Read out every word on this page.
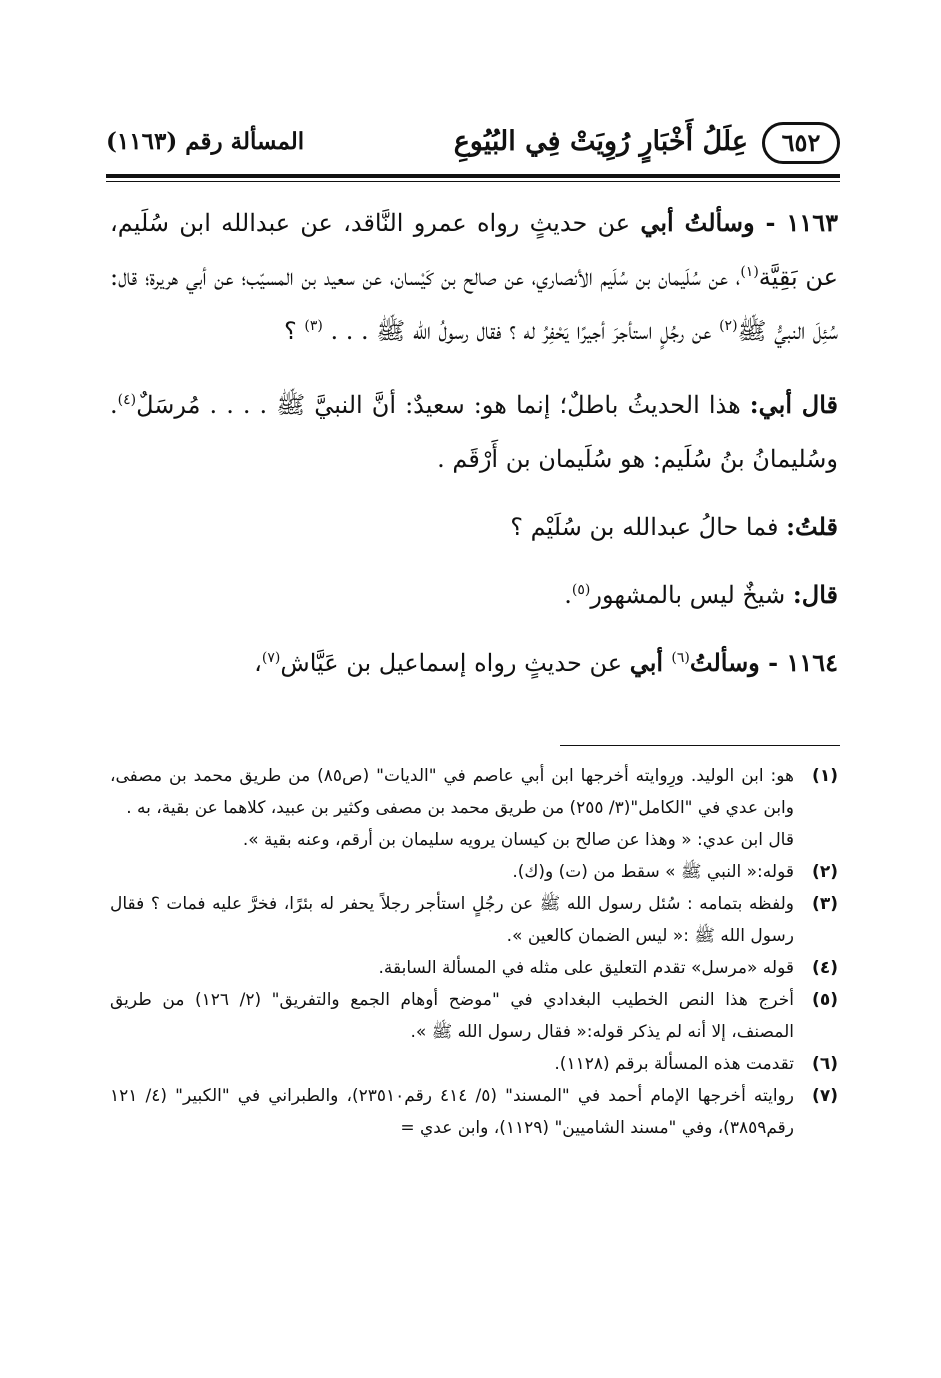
٦٥٢
عِلَلُ أَخْبَارٍ رُوِيَتْ فِي البُيُوعِ
المسألة رقم (١١٦٣)

١١٦٣ - وسألتُ أبي عن حديثٍ رواه عمرو النَّاقد، عن عبدالله ابن سُلَيم، عن بَقِيَّة$^{(١)}$، عن سُلَيمان بن سُلَيم الأنصاري، عن صالح بن كَيْسان، عن سعيد بن المسيّب؛ عن أبي هريرة؛ قال: سُئِلَ النبيُّ ﷺ$^{(٢)}$ عن رجُلٍ استأجرَ أجيرًا يَحْفِرُ له ؟ فقال رسولُ الله ﷺ . . . $^{(٣)}$ ؟

قال أبي: هذا الحديثُ باطلٌ؛ إنما هو: سعيدٌ: أنَّ النبيَّ ﷺ . . . . مُرسَلٌ$^{(٤)}$. وسُليمانُ بنُ سُلَيم: هو سُلَيمان بن أَرْقَم .

قلتُ: فما حالُ عبدالله بن سُلَيْم ؟

قال: شيخٌ ليس بالمشهور$^{(٥)}$.

١١٦٤ - وسألتُ$^{(٦)}$ أبي عن حديثٍ رواه إسماعيل بن عَيَّاش$^{(٧)}$،

(١)
هو: ابن الوليد. ورِوايته أخرجها ابن أبي عاصم في "الديات" (ص٨٥) من طريق محمد بن مصفى، وابن عدي في "الكامل"(٣/ ٢٥٥) من طريق محمد بن مصفى وكثير بن عبيد، كلاهما عن بقية، به .
قال ابن عدي: « وهذا عن صالح بن كيسان يرويه سليمان بن أرقم، وعنه بقية ».
(٢)
قوله:« النبي ﷺ » سقط من (ت) و(ك).
(٣)
ولفظه بتمامه : سُئل رسول الله ﷺ عن رجُلٍ استأجر رجلاً يحفر له بئرًا، فخرَّ عليه فمات ؟ فقال رسول الله ﷺ :« ليس الضمان كالعين ».
(٤)
قوله «مرسل» تقدم التعليق على مثله في المسألة السابقة.
(٥)
أخرج هذا النص الخطيب البغدادي في "موضح أوهام الجمع والتفريق" (٢/ ١٢٦) من طريق المصنف، إلا أنه لم يذكر قوله:« فقال رسول الله ﷺ ».
(٦)
تقدمت هذه المسألة برقم (١١٢٨).
(٧)
روايته أخرجها الإمام أحمد في "المسند" (٥/ ٤١٤ رقم٢٣٥١٠)، والطبراني في "الكبير" (٤/ ١٢١ رقم٣٨٥٩)، وفي "مسند الشاميين" (١١٢٩)، وابن عدي =
